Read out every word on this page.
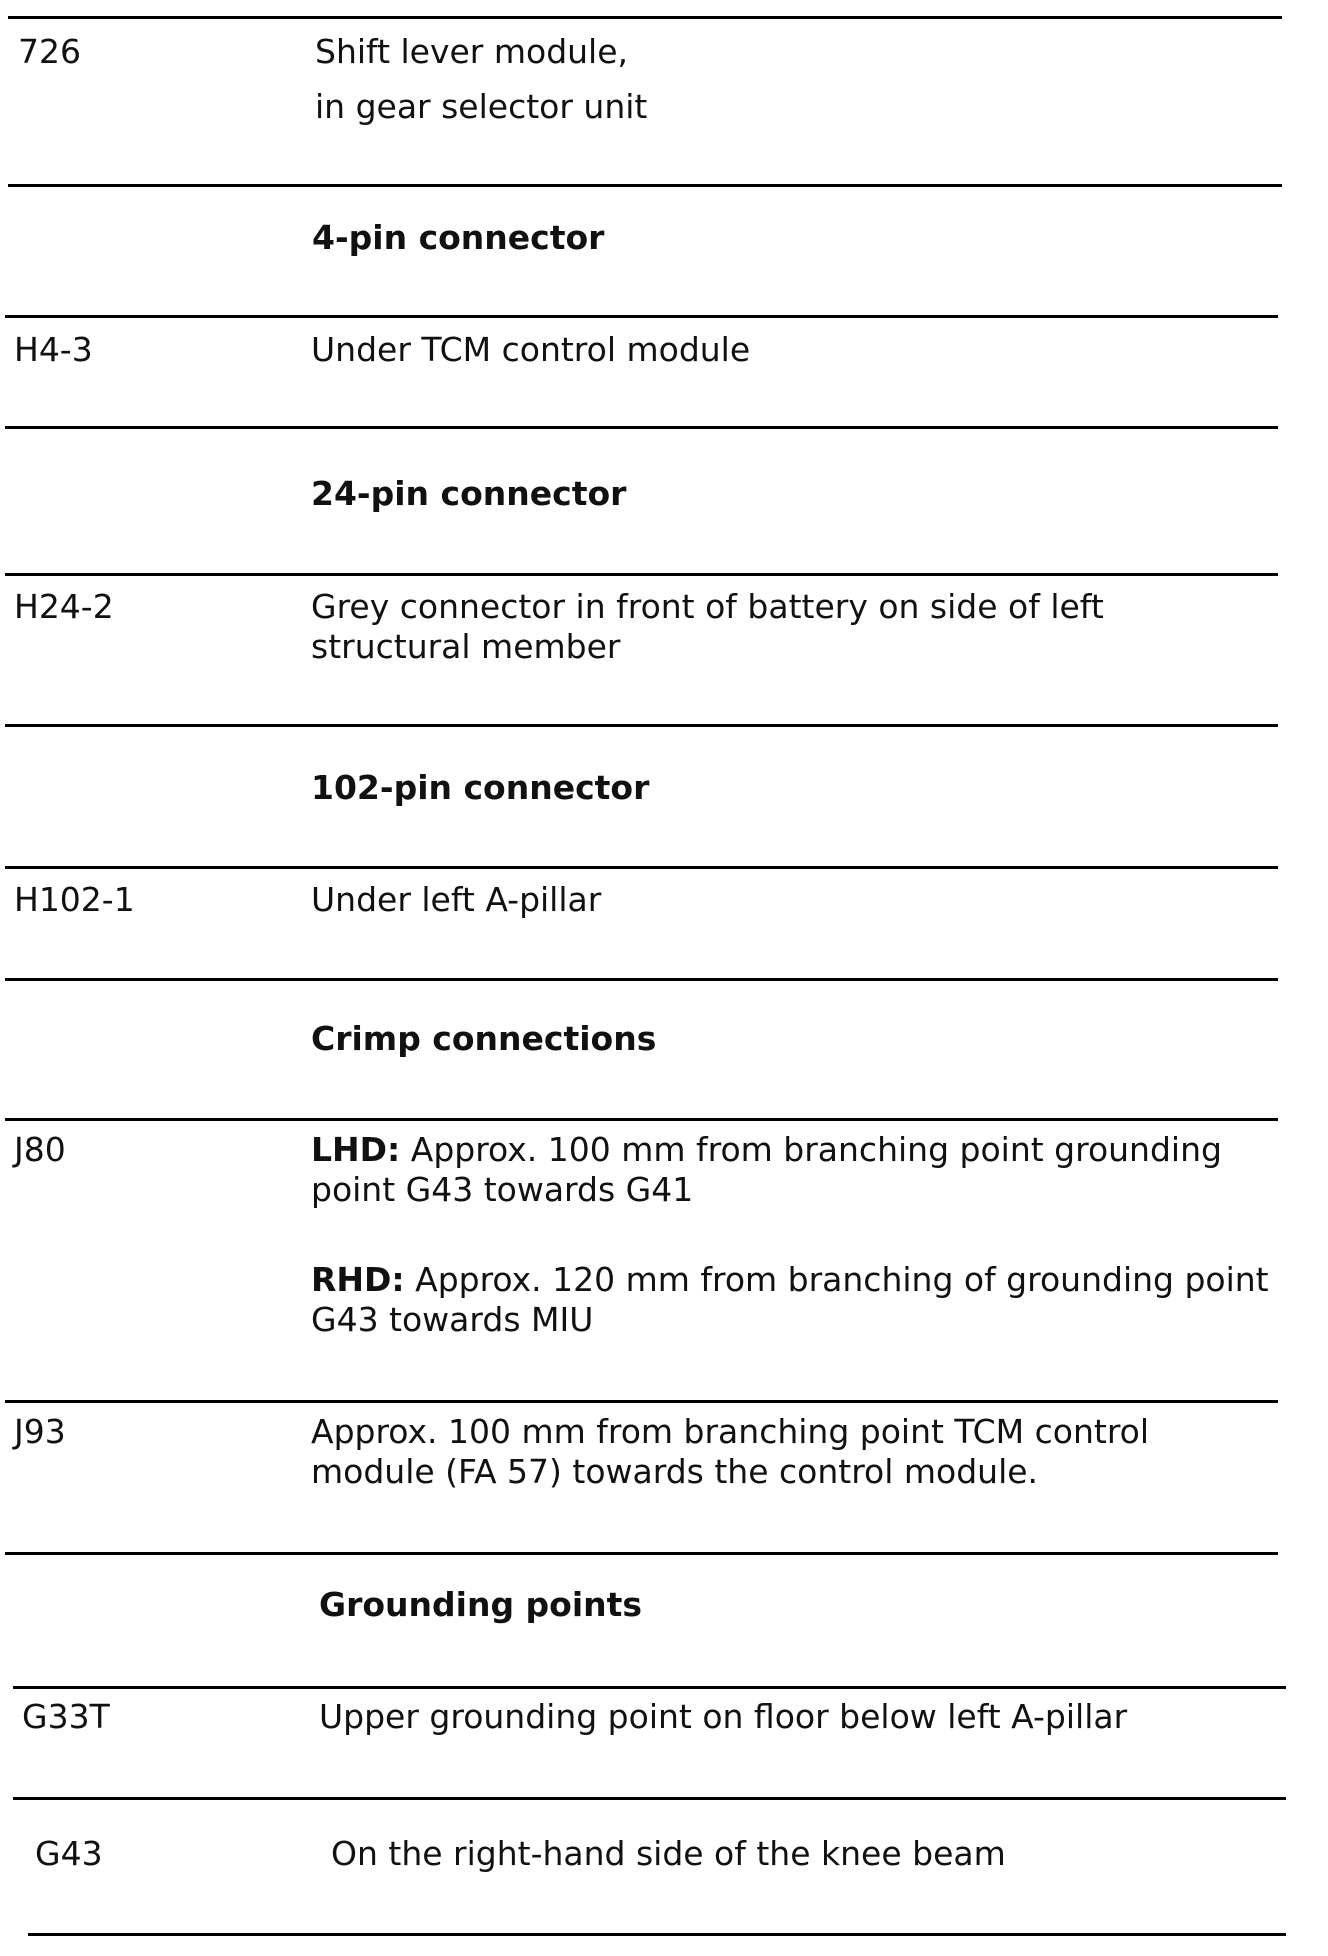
726	Shift lever module,
in gear selector unit
4-pin connector
H4-3	Under TCM control module
24-pin connector
H24-2	Grey connector in front of battery on side of left structural member
102-pin connector
H102-1	Under left A-pillar
Crimp connections
J80	LHD: Approx. 100 mm from branching point grounding point G43 towards G41
RHD: Approx. 120 mm from branching of grounding point G43 towards MIU
J93	Approx. 100 mm from branching point TCM control module (FA 57) towards the control module.
Grounding points
G33T	Upper grounding point on floor below left A-pillar
G43	On the right-hand side of the knee beam
